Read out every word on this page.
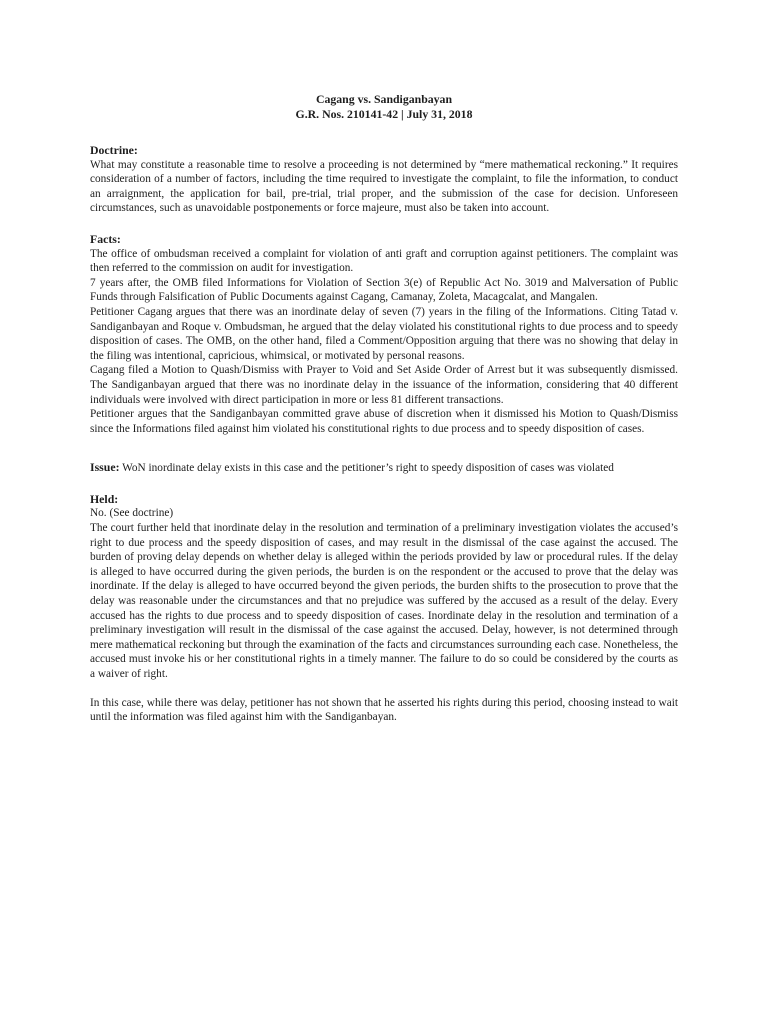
Cagang vs. Sandiganbayan
G.R. Nos. 210141-42 | July 31, 2018
Doctrine:

What may constitute a reasonable time to resolve a proceeding is not determined by “mere mathematical reckoning.” It requires consideration of a number of factors, including the time required to investigate the complaint, to file the information, to conduct an arraignment, the application for bail, pre-trial, trial proper, and the submission of the case for decision. Unforeseen circumstances, such as unavoidable postponements or force majeure, must also be taken into account.

Facts:

The office of ombudsman received a complaint for violation of anti graft and corruption against petitioners. The complaint was then referred to the commission on audit for investigation.

7 years after, the OMB filed Informations for Violation of Section 3(e) of Republic Act No. 3019 and Malversation of Public Funds through Falsification of Public Documents against Cagang, Camanay, Zoleta, Macagcalat, and Mangalen.

Petitioner Cagang argues that there was an inordinate delay of seven (7) years in the filing of the Informations. Citing Tatad v. Sandiganbayan and Roque v. Ombudsman, he argued that the delay violated his constitutional rights to due process and to speedy disposition of cases. The OMB, on the other hand, filed a Comment/Opposition arguing that there was no showing that delay in the filing was intentional, capricious, whimsical, or motivated by personal reasons.

Cagang filed a Motion to Quash/Dismiss with Prayer to Void and Set Aside Order of Arrest but it was subsequently dismissed. The Sandiganbayan argued that there was no inordinate delay in the issuance of the information, considering that 40 different individuals were involved with direct participation in more or less 81 different transactions.

Petitioner argues that the Sandiganbayan committed grave abuse of discretion when it dismissed his Motion to Quash/Dismiss since the Informations filed against him violated his constitutional rights to due process and to speedy disposition of cases.

Issue: WoN inordinate delay exists in this case and the petitioner’s right to speedy disposition of cases was violated

Held:

No. (See doctrine)

The court further held that inordinate delay in the resolution and termination of a preliminary investigation violates the accused’s right to due process and the speedy disposition of cases, and may result in the dismissal of the case against the accused. The burden of proving delay depends on whether delay is alleged within the periods provided by law or procedural rules. If the delay is alleged to have occurred during the given periods, the burden is on the respondent or the accused to prove that the delay was inordinate. If the delay is alleged to have occurred beyond the given periods, the burden shifts to the prosecution to prove that the delay was reasonable under the circumstances and that no prejudice was suffered by the accused as a result of the delay. Every accused has the rights to due process and to speedy disposition of cases. Inordinate delay in the resolution and termination of a preliminary investigation will result in the dismissal of the case against the accused. Delay, however, is not determined through mere mathematical reckoning but through the examination of the facts and circumstances surrounding each case. Nonetheless, the accused must invoke his or her constitutional rights in a timely manner. The failure to do so could be considered by the courts as a waiver of right.

In this case, while there was delay, petitioner has not shown that he asserted his rights during this period, choosing instead to wait until the information was filed against him with the Sandiganbayan.
